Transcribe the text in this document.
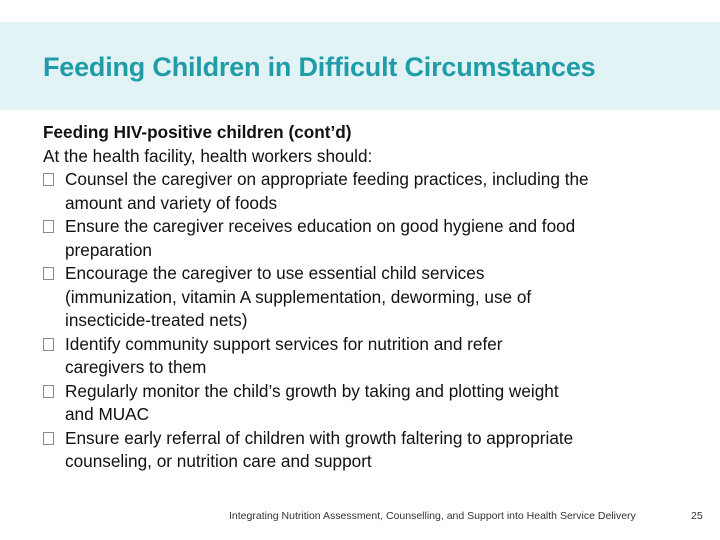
Feeding Children in Difficult Circumstances
Feeding HIV-positive children (cont’d)
At the health facility, health workers should:
Counsel the caregiver on appropriate feeding practices, including the
amount and variety of foods
Ensure the caregiver receives education on good hygiene and food
preparation
Encourage the caregiver to use essential child services
(immunization, vitamin A supplementation, deworming, use of
insecticide-treated nets)
Identify community support services for nutrition and refer
caregivers to them
Regularly monitor the child’s growth by taking and plotting weight
and MUAC
Ensure early referral of children with growth faltering to appropriate
counseling, or nutrition care and support
Integrating Nutrition Assessment, Counselling, and Support into Health Service Delivery	25
